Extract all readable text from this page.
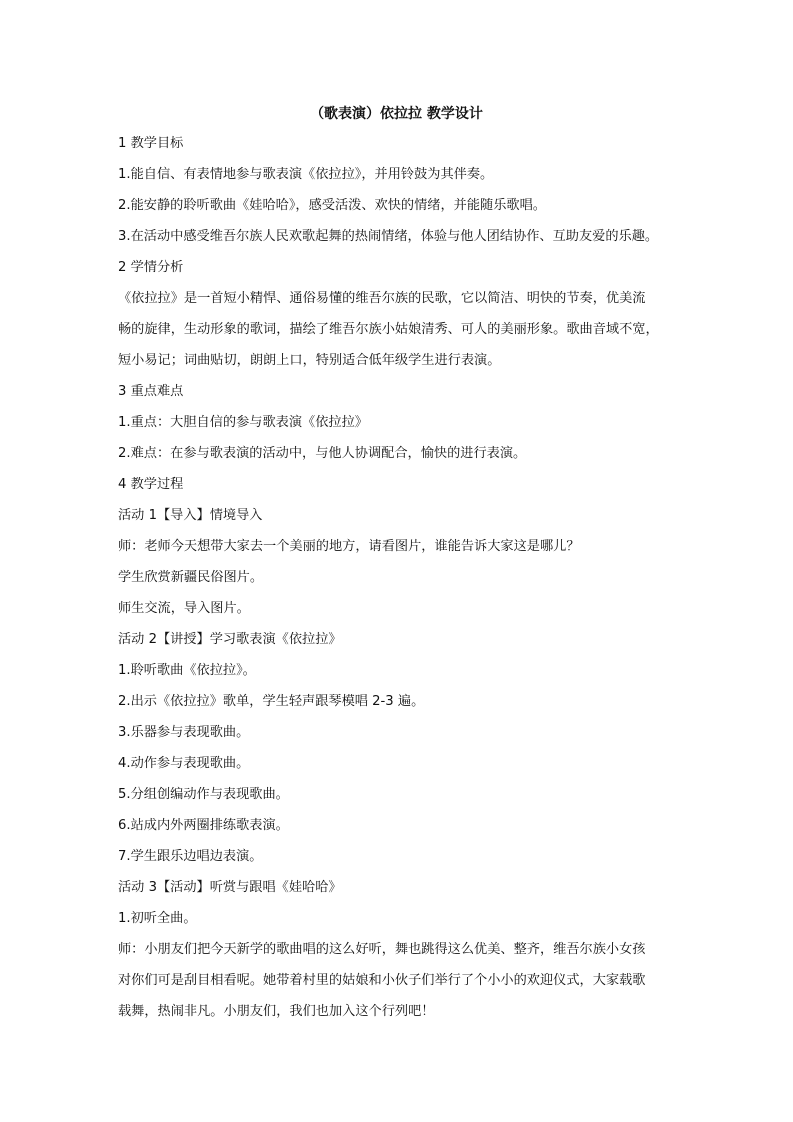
（歌表演）依拉拉 教学设计

1 教学目标

1.能自信、有表情地参与歌表演《依拉拉》，并用铃鼓为其伴奏。

2.能安静的聆听歌曲《娃哈哈》，感受活泼、欢快的情绪，并能随乐歌唱。

3.在活动中感受维吾尔族人民欢歌起舞的热闹情绪，体验与他人团结协作、互助友爱的乐趣。

2 学情分析

《依拉拉》是一首短小精悍、通俗易懂的维吾尔族的民歌，它以简洁、明快的节奏，优美流
畅的旋律，生动形象的歌词，描绘了维吾尔族小姑娘清秀、可人的美丽形象。歌曲音域不宽，
短小易记；词曲贴切，朗朗上口，特别适合低年级学生进行表演。

3 重点难点

1.重点：大胆自信的参与歌表演《依拉拉》

2.难点：在参与歌表演的活动中，与他人协调配合，愉快的进行表演。

4 教学过程

活动 1【导入】情境导入

师：老师今天想带大家去一个美丽的地方，请看图片，谁能告诉大家这是哪儿？

学生欣赏新疆民俗图片。

师生交流，导入图片。

活动 2【讲授】学习歌表演《依拉拉》

1.聆听歌曲《依拉拉》。

2.出示《依拉拉》歌单，学生轻声跟琴模唱 2-3 遍。

3.乐器参与表现歌曲。

4.动作参与表现歌曲。

5.分组创编动作与表现歌曲。

6.站成内外两圈排练歌表演。

7.学生跟乐边唱边表演。

活动 3【活动】听赏与跟唱《娃哈哈》

1.初听全曲。

师：小朋友们把今天新学的歌曲唱的这么好听，舞也跳得这么优美、整齐，维吾尔族小女孩
对你们可是刮目相看呢。她带着村里的姑娘和小伙子们举行了个小小的欢迎仪式，大家载歌
载舞，热闹非凡。小朋友们，我们也加入这个行列吧！
